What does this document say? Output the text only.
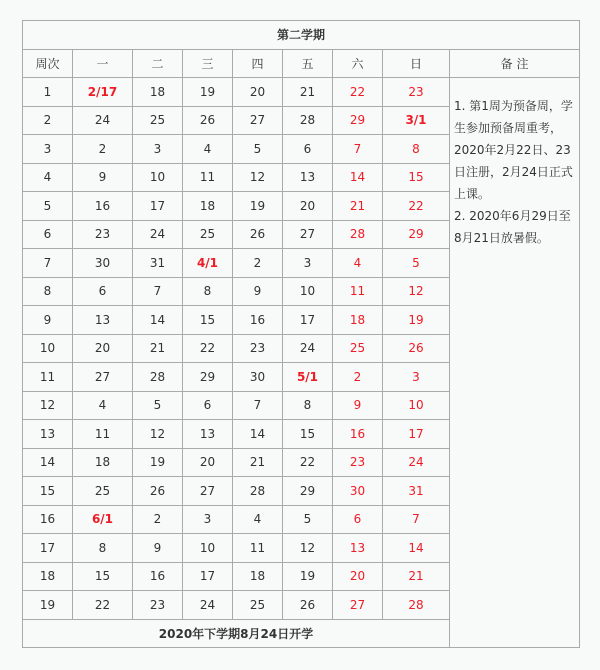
第二学期								
周次	一	二	三	四	五	六	日	备 注
1	2/17	18	19	20	21	22	23	1. 第1周为预备周，学生参加预备周重考，2020年2月22日、23日注册，2月24日正式上课。
2. 2020年6月29日至8月21日放暑假。

2	24	25	26	27	28	29	3/1	
3	2	3	4	5	6	7	8	
4	9	10	11	12	13	14	15	
5	16	17	18	19	20	21	22	
6	23	24	25	26	27	28	29	
7	30	31	4/1	2	3	4	5	
8	6	7	8	9	10	11	12	
9	13	14	15	16	17	18	19	
10	20	21	22	23	24	25	26	
11	27	28	29	30	5/1	2	3	
12	4	5	6	7	8	9	10	
13	11	12	13	14	15	16	17	
14	18	19	20	21	22	23	24	
15	25	26	27	28	29	30	31	
16	6/1	2	3	4	5	6	7	
17	8	9	10	11	12	13	14	
18	15	16	17	18	19	20	21	
19	22	23	24	25	26	27	28	
2020年下学期8月24日开学								
